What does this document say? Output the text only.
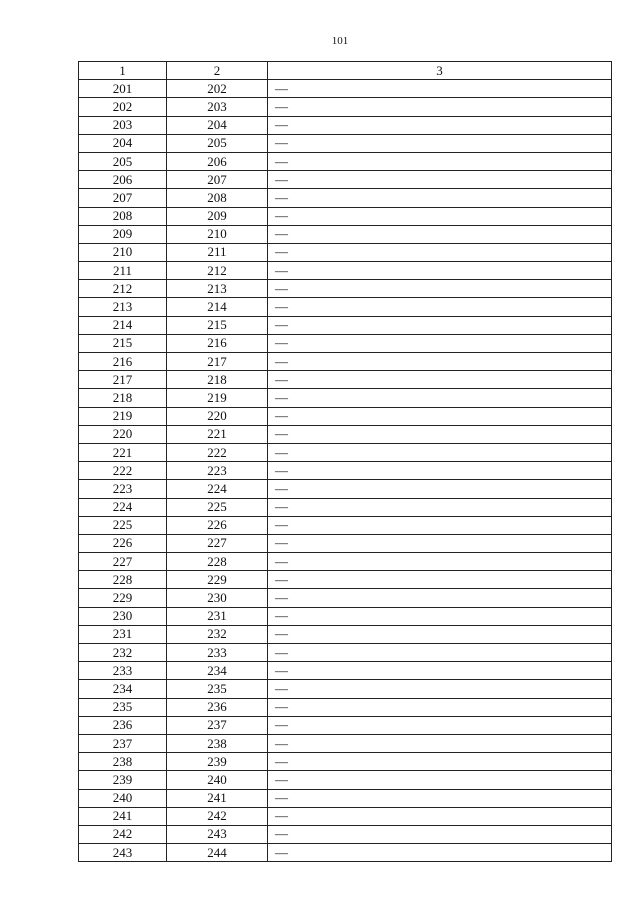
101
1	2	3
201	202	—
202	203	—
203	204	—
204	205	—
205	206	—
206	207	—
207	208	—
208	209	—
209	210	—
210	211	—
211	212	—
212	213	—
213	214	—
214	215	—
215	216	—
216	217	—
217	218	—
218	219	—
219	220	—
220	221	—
221	222	—
222	223	—
223	224	—
224	225	—
225	226	—
226	227	—
227	228	—
228	229	—
229	230	—
230	231	—
231	232	—
232	233	—
233	234	—
234	235	—
235	236	—
236	237	—
237	238	—
238	239	—
239	240	—
240	241	—
241	242	—
242	243	—
243	244	—
